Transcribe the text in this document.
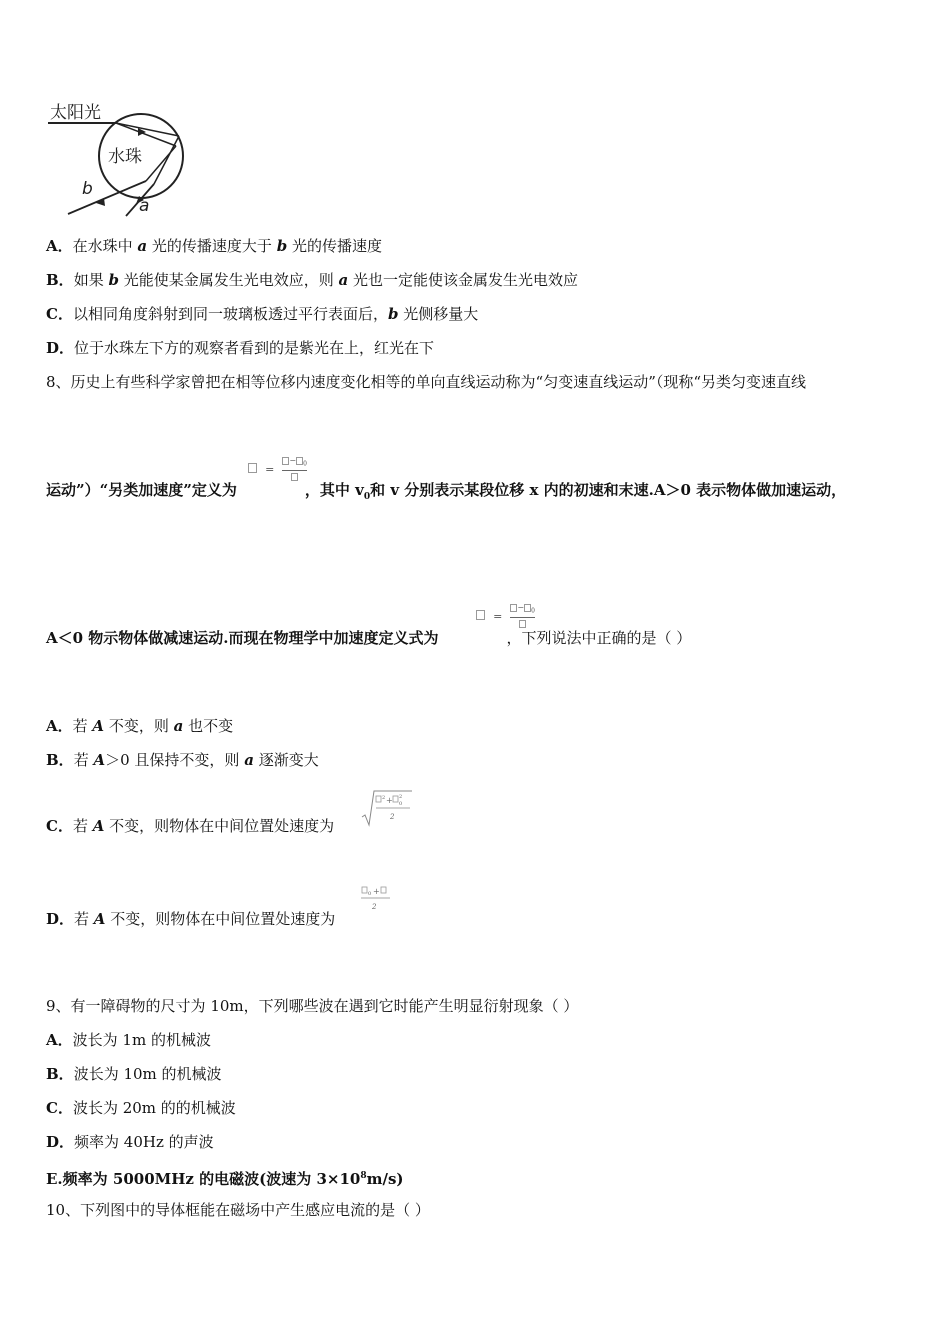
太阳光
水珠
b
a
A．在水珠中 a 光的传播速度大于 b 光的传播速度
B．如果 b 光能使某金属发生光电效应，则 a 光也一定能使该金属发生光电效应
C．以相同角度斜射到同一玻璃板透过平行表面后，b 光侧移量大
D．位于水珠左下方的观察者看到的是紫光在上，红光在下
8、历史上有些科学家曾把在相等位移内速度变化相等的单向直线运动称为“匀变速直线运动”（现称“另类匀变速直线
=
− $_0$
运动”）“另类加速度”定义为	，其中 $v_0$和 v 分别表示某段位移 x 内的初速和末速.A＞0 表示物体做加速运动，
=
− $_0$
A＜0 物示物体做减速运动.而现在物理学中加速度定义式为	，下列说法中正确的是（ ）
A．若 A 不变，则 a 也不变
B．若 A＞0 且保持不变，则 a 逐渐变大
C．若 A 不变，则物体在中间位置处速度为
2 + 2
0
2
D．若 A 不变，则物体在中间位置处速度为
0 +
2
9、有一障碍物的尺寸为 10m，下列哪些波在遇到它时能产生明显衍射现象（ ）
A．波长为 1m 的机械波
B．波长为 10m 的机械波
C．波长为 20m 的的机械波
D．频率为 40Hz 的声波
E.频率为 5000MHz 的电磁波(波速为 $3\times 10^8m/s$)
10、下列图中的导体框能在磁场中产生感应电流的是（ ）
